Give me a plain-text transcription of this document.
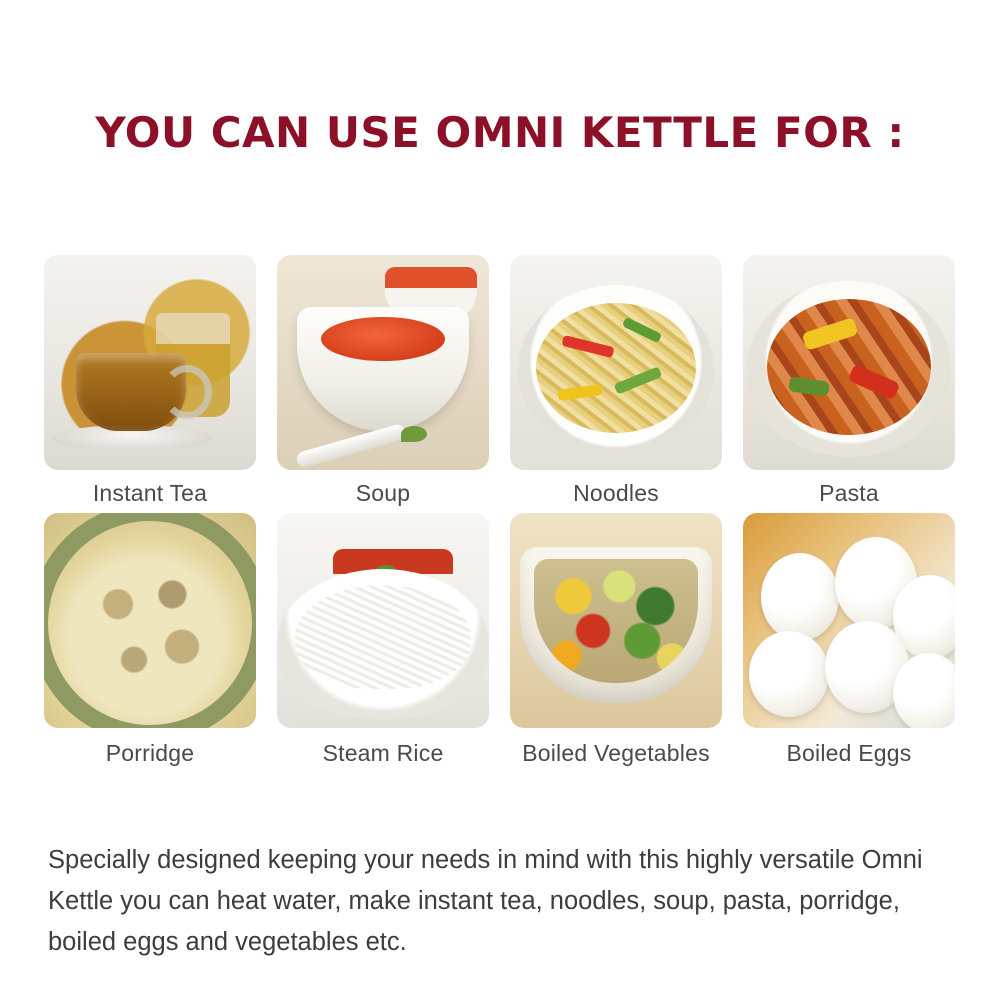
YOU CAN USE OMNI KETTLE FOR :
Instant Tea	Soup	Noodles	Pasta
Porridge	Steam Rice	Boiled Vegetables	Boiled Eggs
Specially designed keeping your needs in mind with this highly versatile Omni Kettle you can heat water, make instant tea, noodles, soup, pasta, porridge, boiled eggs and vegetables etc.
